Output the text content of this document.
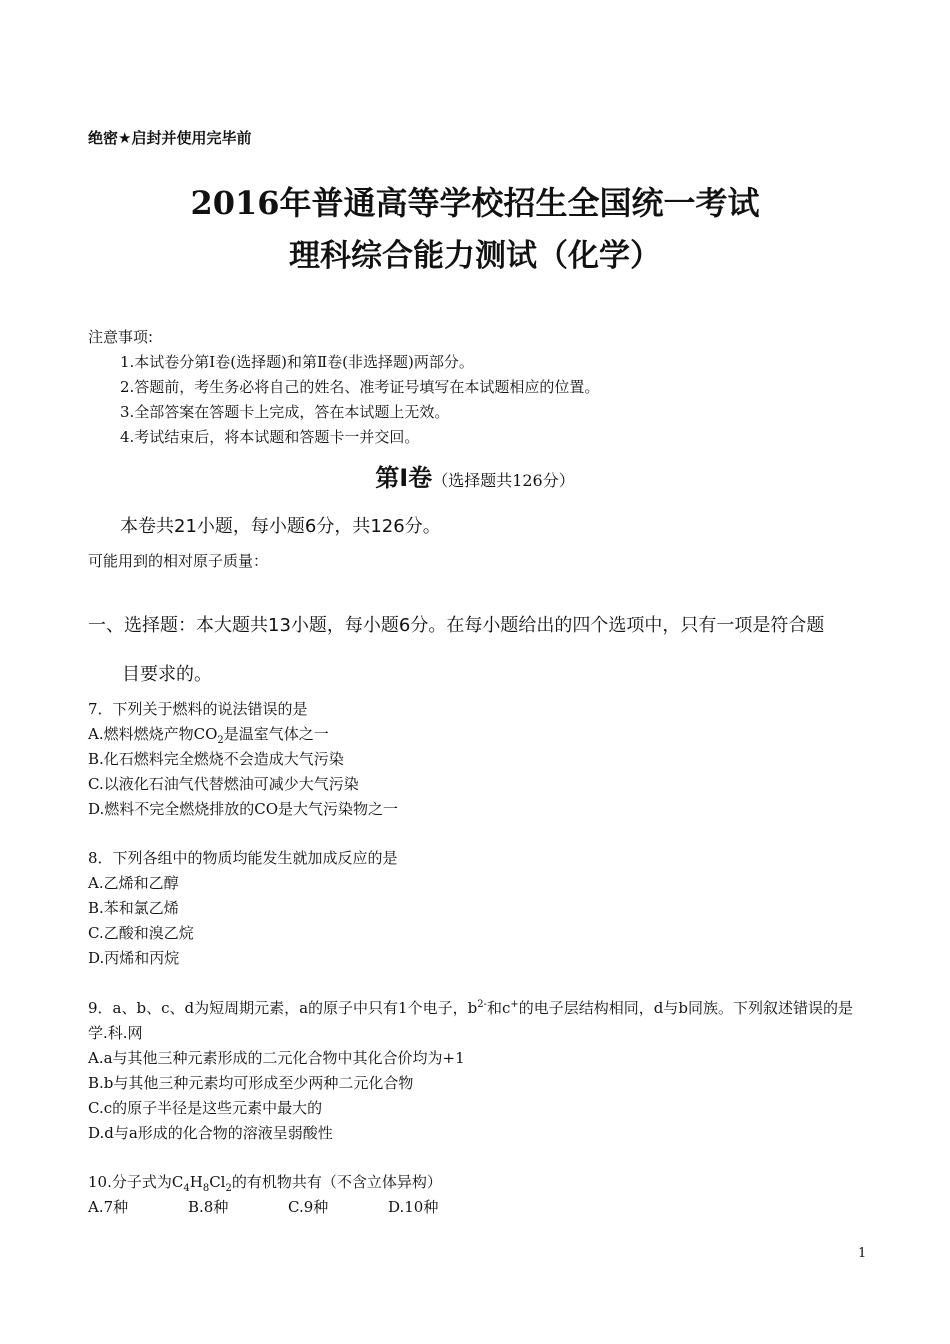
绝密★启封并使用完毕前
2016年普通高等学校招生全国统一考试
理科综合能力测试（化学）
注意事项:
1.本试卷分第Ⅰ卷(选择题)和第Ⅱ卷(非选择题)两部分。
2.答题前，考生务必将自己的姓名、准考证号填写在本试题相应的位置。
3.全部答案在答题卡上完成，答在本试题上无效。
4.考试结束后，将本试题和答题卡一并交回。
第Ⅰ卷（选择题共126分）
本卷共21小题，每小题6分，共126分。
可能用到的相对原子质量：
一、选择题：本大题共13小题，每小题6分。在每小题给出的四个选项中，只有一项是符合题
目要求的。
7．下列关于燃料的说法错误的是
A.燃料燃烧产物$CO_2$是温室气体之一
B.化石燃料完全燃烧不会造成大气污染
C.以液化石油气代替燃油可减少大气污染
D.燃料不完全燃烧排放的CO是大气污染物之一
8．下列各组中的物质均能发生就加成反应的是
A.乙烯和乙醇
B.苯和氯乙烯
C.乙酸和溴乙烷
D.丙烯和丙烷
9．a、b、c、d为短周期元素，a的原子中只有1个电子，$b^{2-}$和c+的电子层结构相同，d与b同族。下列叙述错误的是学.科.网
A.a与其他三种元素形成的二元化合物中其化合价均为+1
B.b与其他三种元素均可形成至少两种二元化合物
C.c的原子半径是这些元素中最大的
D.d与a形成的化合物的溶液呈弱酸性
10.分子式为$C_4H_8Cl_2$的有机物共有（不含立体异构）
A.7种	B.8种	C.9种	D.10种
1
